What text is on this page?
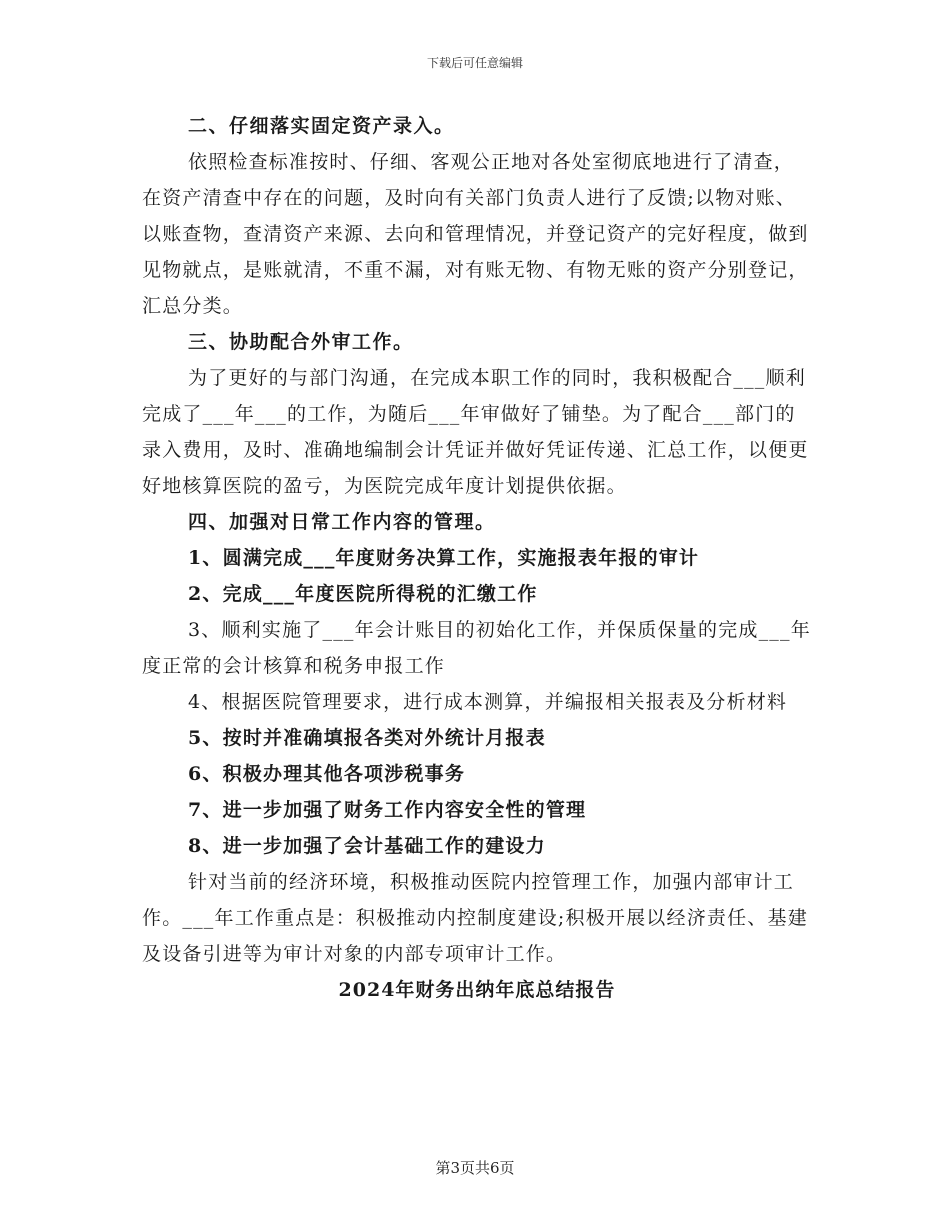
下载后可任意编辑

二、仔细落实固定资产录入。

依照检查标准按时、仔细、客观公正地对各处室彻底地进行了清查，在资产清查中存在的问题，及时向有关部门负责人进行了反馈;以物对账、以账查物，查清资产来源、去向和管理情况，并登记资产的完好程度，做到见物就点，是账就清，不重不漏，对有账无物、有物无账的资产分别登记，汇总分类。

三、协助配合外审工作。

为了更好的与部门沟通，在完成本职工作的同时，我积极配合___顺利完成了___年___的工作，为随后___年审做好了铺垫。为了配合___部门的录入费用，及时、准确地编制会计凭证并做好凭证传递、汇总工作，以便更好地核算医院的盈亏，为医院完成年度计划提供依据。

四、加强对日常工作内容的管理。

1、圆满完成___年度财务决算工作，实施报表年报的审计

2、完成___年度医院所得税的汇缴工作

3、顺利实施了___年会计账目的初始化工作，并保质保量的完成___年度正常的会计核算和税务申报工作

4、根据医院管理要求，进行成本测算，并编报相关报表及分析材料

5、按时并准确填报各类对外统计月报表

6、积极办理其他各项涉税事务

7、进一步加强了财务工作内容安全性的管理

8、进一步加强了会计基础工作的建设力

针对当前的经济环境，积极推动医院内控管理工作，加强内部审计工作。___年工作重点是：积极推动内控制度建设;积极开展以经济责任、基建及设备引进等为审计对象的内部专项审计工作。

2024年财务出纳年底总结报告

第3页共6页
